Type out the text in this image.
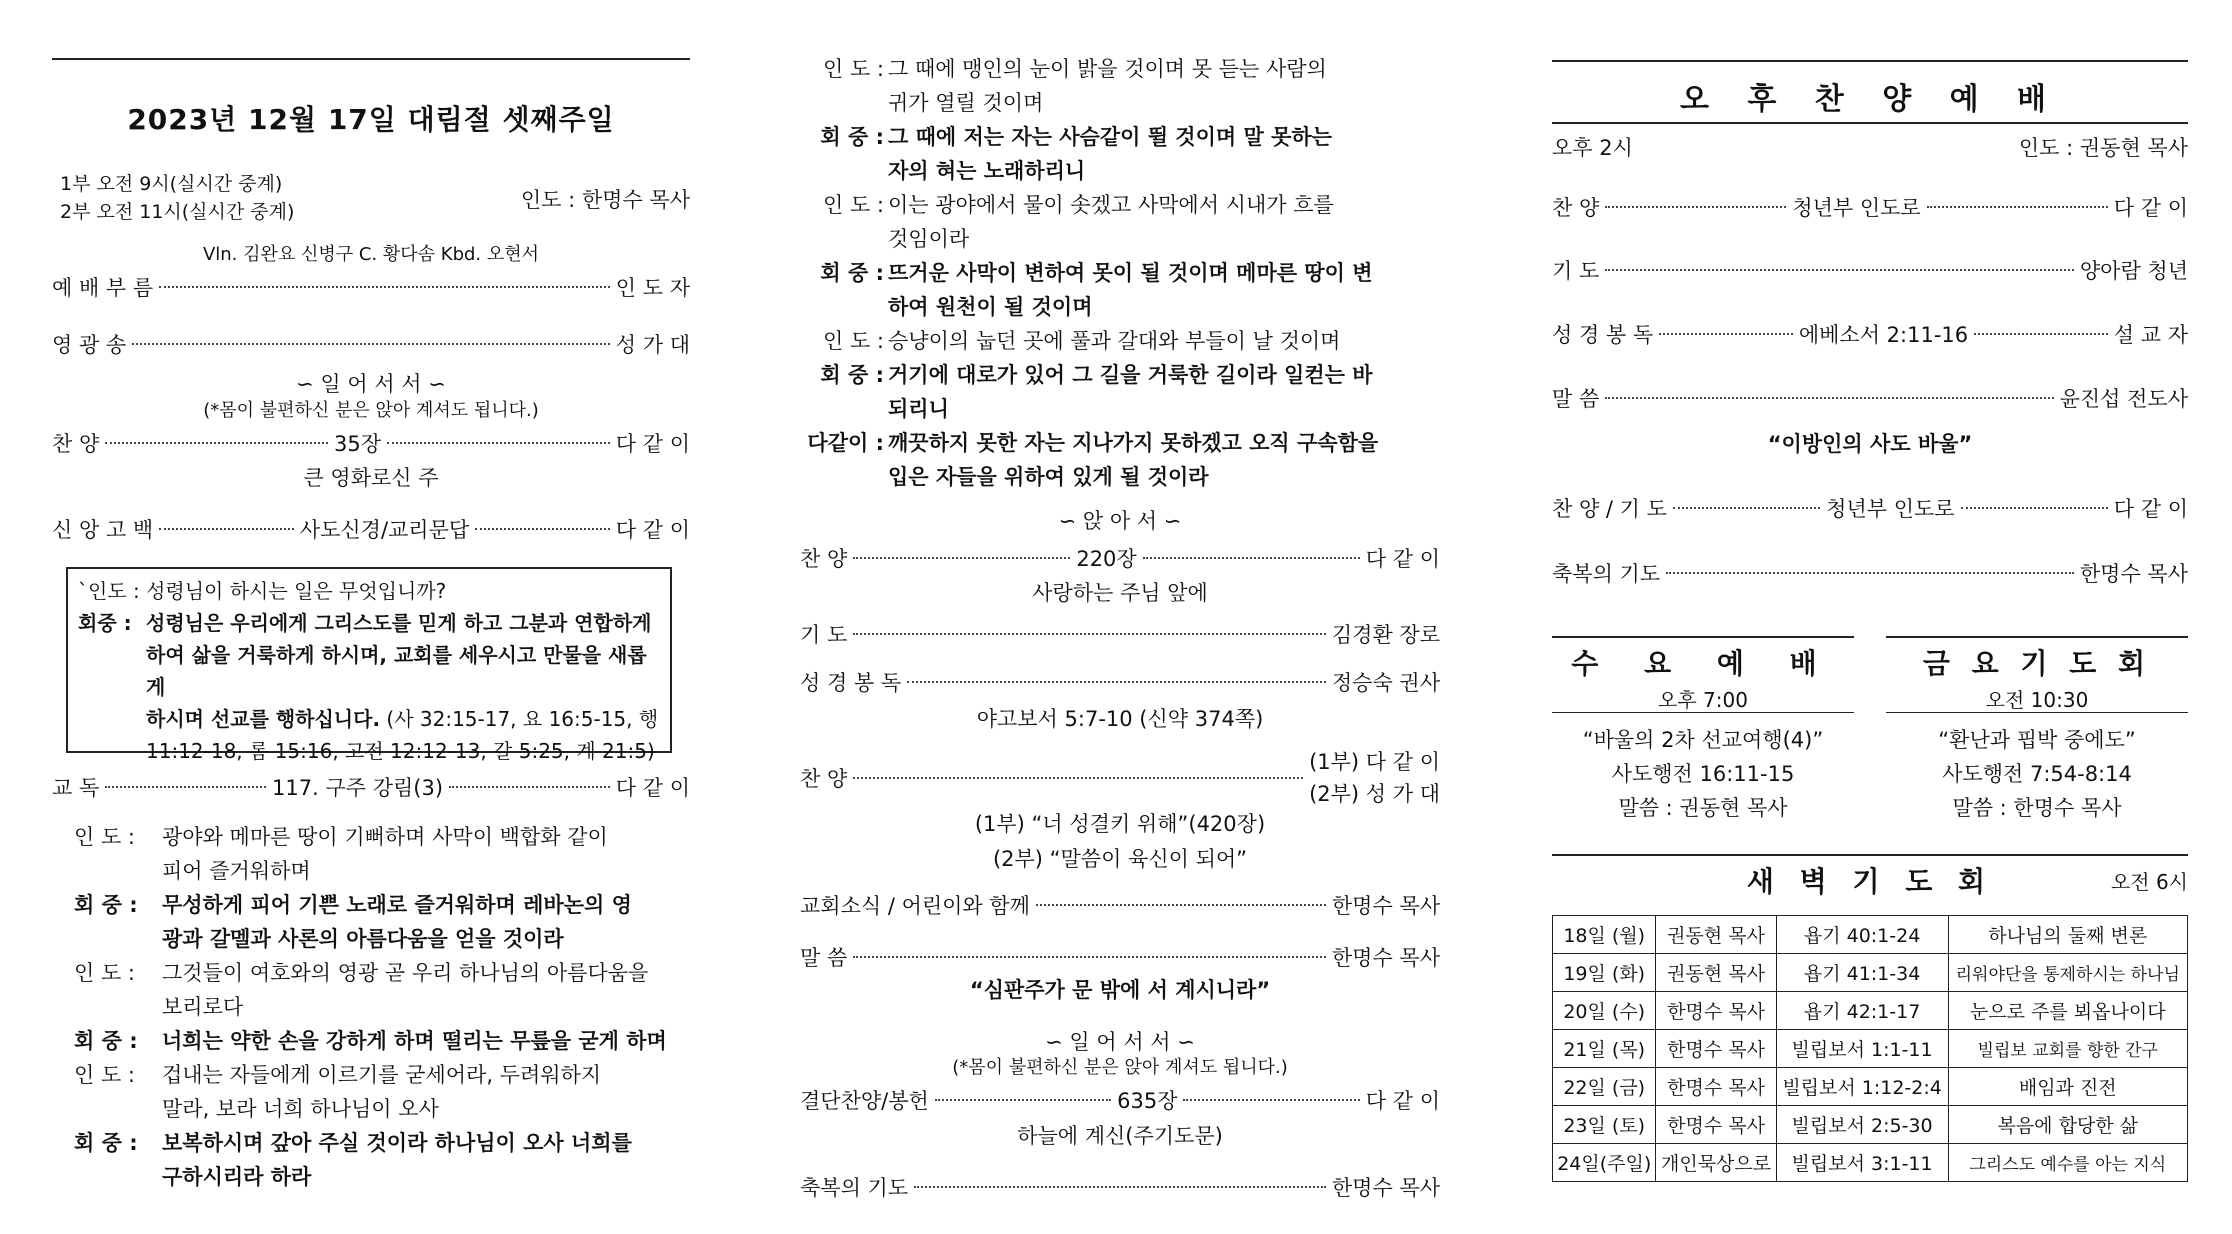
2023년 12월 17일 대림절 셋째주일
1부 오전 9시(실시간 중계)
2부 오전 11시(실시간 중계)	인도 : 한명수 목사
Vln. 김완요 신병구 C. 황다솜 Kbd. 오현서
예 배 부 름	인 도 자
영 광 송	성 가 대
∽ 일 어 서 서 ∽
(*몸이 불편하신 분은 앉아 계셔도 됩니다.)
찬 양	35장	다 같 이
큰 영화로신 주
신 앙 고 백	사도신경/교리문답	다 같 이
`인도 : 성령님이 하시는 일은 무엇입니까?
회중 : 성령님은 우리에게 그리스도를 믿게 하고 그분과 연합하게
하여 삶을 거룩하게 하시며, 교회를 세우시고 만물을 새롭게
하시며 선교를 행하십니다. (사 32:15-17, 요 16:5-15, 행
11:12-18, 롬 15:16, 고전 12:12-13, 갈 5:25, 계 21:5)
교 독	117. 구주 강림(3)	다 같 이
인 도 :	광야와 메마른 땅이 기뻐하며 사막이 백합화 같이
피어 즐거워하며
회 중 :	무성하게 피어 기쁜 노래로 즐거워하며 레바논의 영
광과 갈멜과 사론의 아름다움을 얻을 것이라
인 도 :	그것들이 여호와의 영광 곧 우리 하나님의 아름다움을
보리로다
회 중 :	너희는 약한 손을 강하게 하며 떨리는 무릎을 굳게 하며
인 도 :	겁내는 자들에게 이르기를 굳세어라, 두려워하지
말라, 보라 너희 하나님이 오사
회 중 :	보복하시며 갚아 주실 것이라 하나님이 오사 너희를
구하시리라 하라
인 도 : 그 때에 맹인의 눈이 밝을 것이며 못 듣는 사람의
귀가 열릴 것이며
회 중 : 그 때에 저는 자는 사슴같이 뛸 것이며 말 못하는
자의 혀는 노래하리니
인 도 : 이는 광야에서 물이 솟겠고 사막에서 시내가 흐를
것임이라
회 중 : 뜨거운 사막이 변하여 못이 될 것이며 메마른 땅이 변
하여 원천이 될 것이며
인 도 : 승냥이의 눕던 곳에 풀과 갈대와 부들이 날 것이며
회 중 : 거기에 대로가 있어 그 길을 거룩한 길이라 일컫는 바
되리니
다같이 : 깨끗하지 못한 자는 지나가지 못하겠고 오직 구속함을
입은 자들을 위하여 있게 될 것이라
∽ 앉 아 서 ∽
찬 양	220장	다 같 이
사랑하는 주님 앞에
기 도	김경환 장로
성 경 봉 독	정승숙 권사
야고보서 5:7-10 (신약 374쪽)
찬 양
(1부) 다 같 이
(2부) 성 가 대
(1부) “너 성결키 위해”(420장)
(2부) “말씀이 육신이 되어”
교회소식 / 어린이와 함께	한명수 목사
말 씀	한명수 목사
“심판주가 문 밖에 서 계시니라”
∽ 일 어 서 서 ∽
(*몸이 불편하신 분은 앉아 계셔도 됩니다.)
결단찬양/봉헌	635장	다 같 이
하늘에 계신(주기도문)
축복의 기도	한명수 목사
오 후 찬 양 예 배
오후 2시	인도 : 권동현 목사
찬 양	청년부 인도로	다 같 이
기 도	양아람 청년
성 경 봉 독	에베소서 2:11-16	설 교 자
말 씀	윤진섭 전도사
“이방인의 사도 바울”
찬 양 / 기 도	청년부 인도로	다 같 이
축복의 기도	한명수 목사
수 요 예 배
오후 7:00
“바울의 2차 선교여행(4)”
사도행전 16:11-15
말씀 : 권동현 목사
금 요 기 도 회
오전 10:30
“환난과 핍박 중에도”
사도행전 7:54-8:14
말씀 : 한명수 목사
새 벽 기 도 회	오전 6시
18일 (월)	권동현 목사	욥기 40:1-24	하나님의 둘째 변론
19일 (화)	권동현 목사	욥기 41:1-34	리워야단을 통제하시는 하나님
20일 (수)	한명수 목사	욥기 42:1-17	눈으로 주를 뵈옵나이다
21일 (목)	한명수 목사	빌립보서 1:1-11	빌립보 교회를 향한 간구
22일 (금)	한명수 목사	빌립보서 1:12-2:4	배임과 진전
23일 (토)	한명수 목사	빌립보서 2:5-30	복음에 합당한 삶
24일(주일)	개인묵상으로	빌립보서 3:1-11	그리스도 예수를 아는 지식
